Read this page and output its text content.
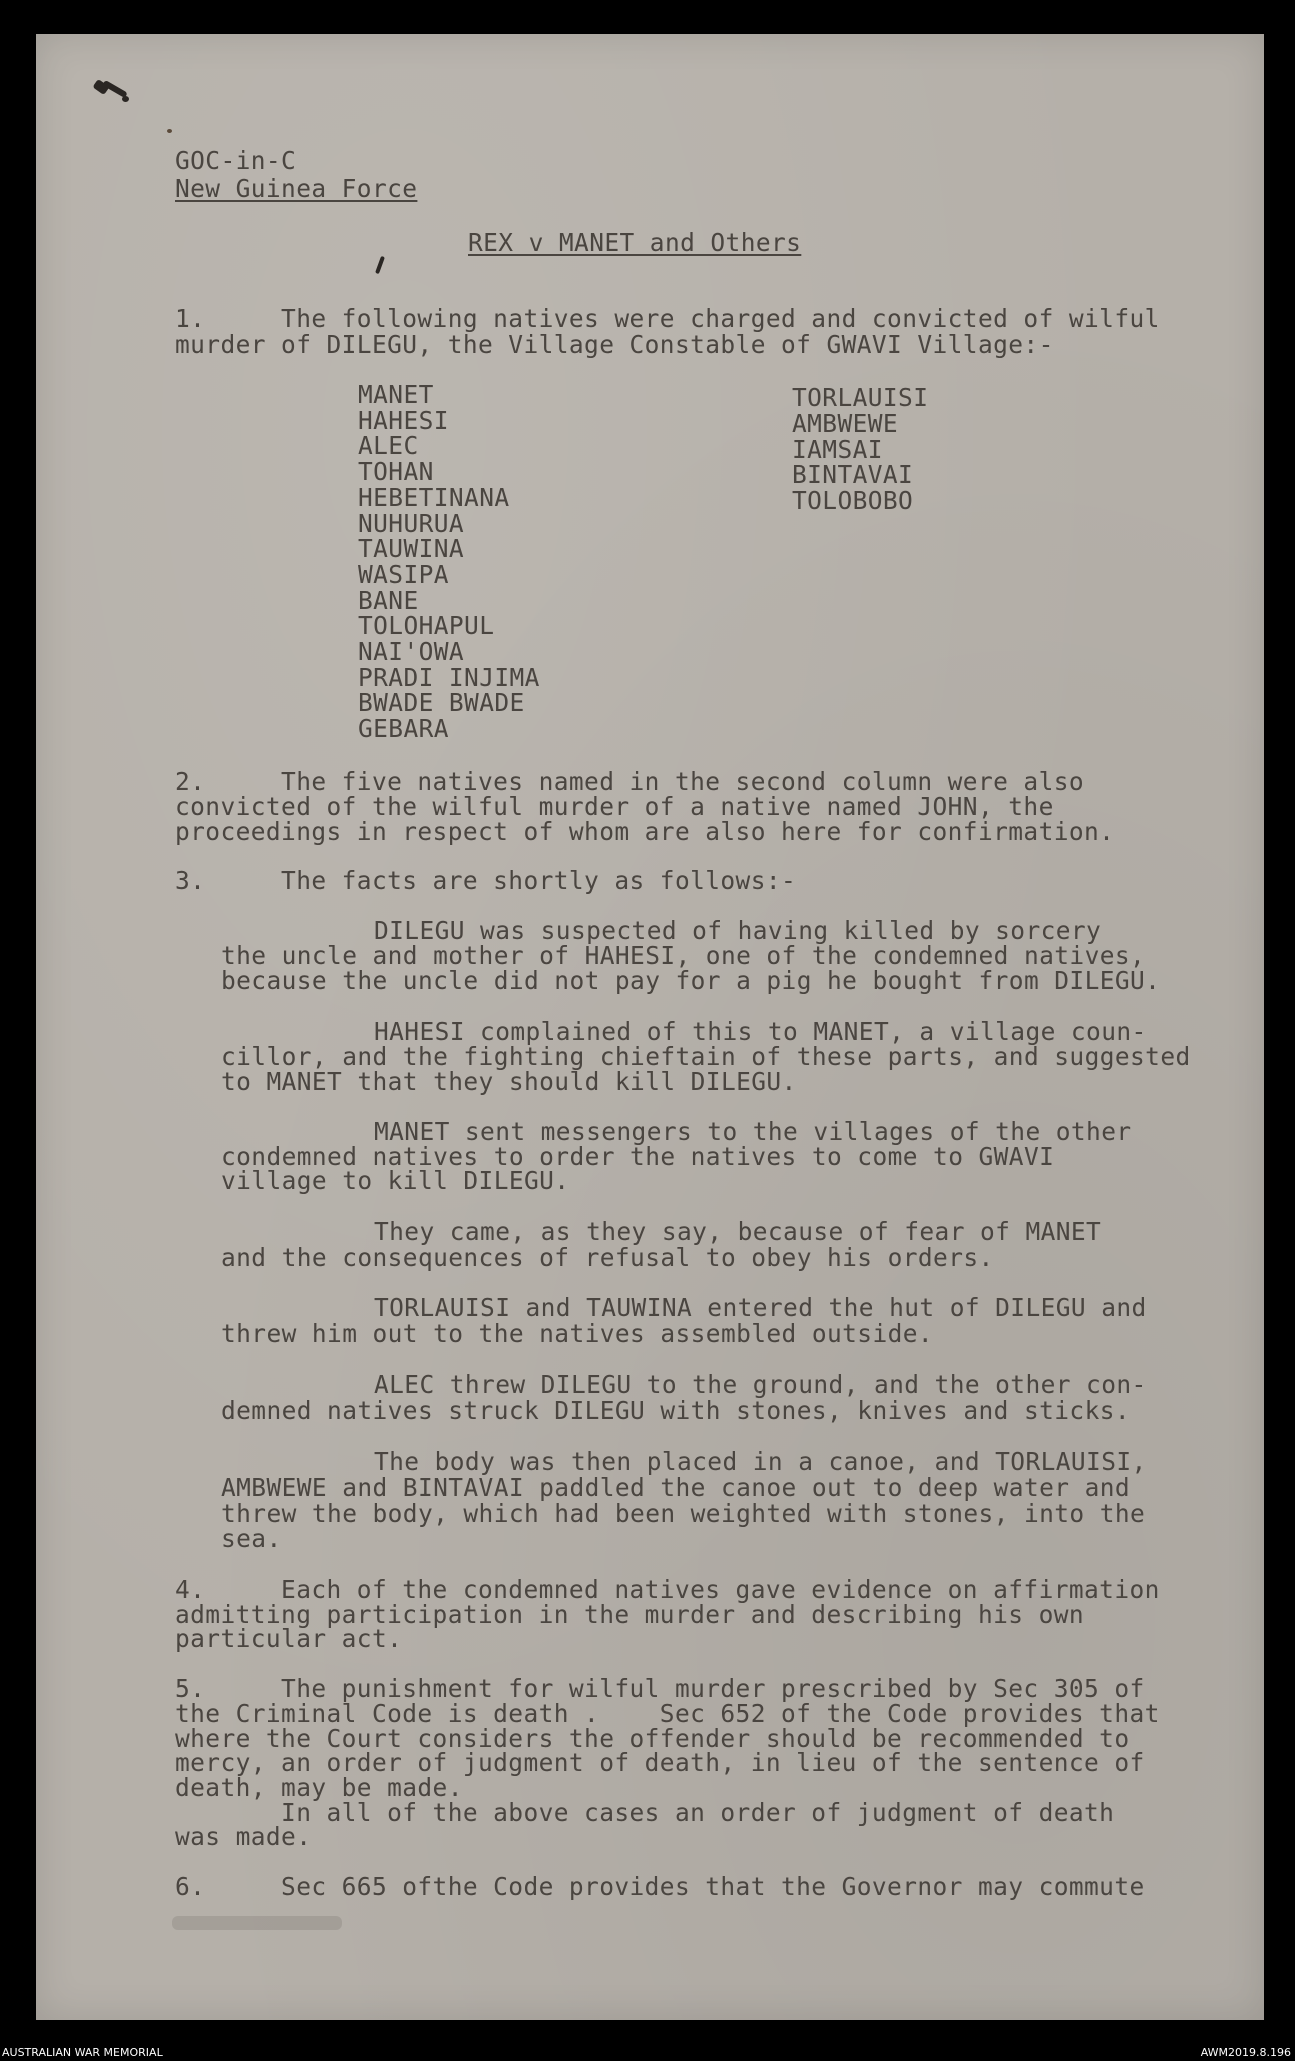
GOC-in-C
New Guinea Force
REX v MANET and Others
1.     The following natives were charged and convicted of wilful
murder of DILEGU, the Village Constable of GWAVI Village:-
MANET
HAHESI
ALEC
TOHAN
HEBETINANA
NUHURUA
TAUWINA
WASIPA
BANE
TOLOHAPUL
NAI'OWA
PRADI INJIMA
BWADE BWADE
GEBARA
TORLAUISI
AMBWEWE
IAMSAI
BINTAVAI
TOLOBOBO
2.     The five natives named in the second column were also
convicted of the wilful murder of a native named JOHN, the
proceedings in respect of whom are also here for confirmation.
3.     The facts are shortly as follows:-
DILEGU was suspected of having killed by sorcery
the uncle and mother of HAHESI, one of the condemned natives,
because the uncle did not pay for a pig he bought from DILEGU.
HAHESI complained of this to MANET, a village coun-
cillor, and the fighting chieftain of these parts, and suggested
to MANET that they should kill DILEGU.
MANET sent messengers to the villages of the other
condemned natives to order the natives to come to GWAVI
village to kill DILEGU.
They came, as they say, because of fear of MANET
and the consequences of refusal to obey his orders.
TORLAUISI and TAUWINA entered the hut of DILEGU and
threw him out to the natives assembled outside.
ALEC threw DILEGU to the ground, and the other con-
demned natives struck DILEGU with stones, knives and sticks.
The body was then placed in a canoe, and TORLAUISI,
AMBWEWE and BINTAVAI paddled the canoe out to deep water and
threw the body, which had been weighted with stones, into the
sea.
4.     Each of the condemned natives gave evidence on affirmation
admitting participation in the murder and describing his own
particular act.
5.     The punishment for wilful murder prescribed by Sec 305 of
the Criminal Code is death .    Sec 652 of the Code provides that
where the Court considers the offender should be recommended to
mercy, an order of judgment of death, in lieu of the sentence of
death, may be made.
In all of the above cases an order of judgment of death
was made.
6.     Sec 665 ofthe Code provides that the Governor may commute
AUSTRALIAN WAR MEMORIAL	AWM2019.8.196
